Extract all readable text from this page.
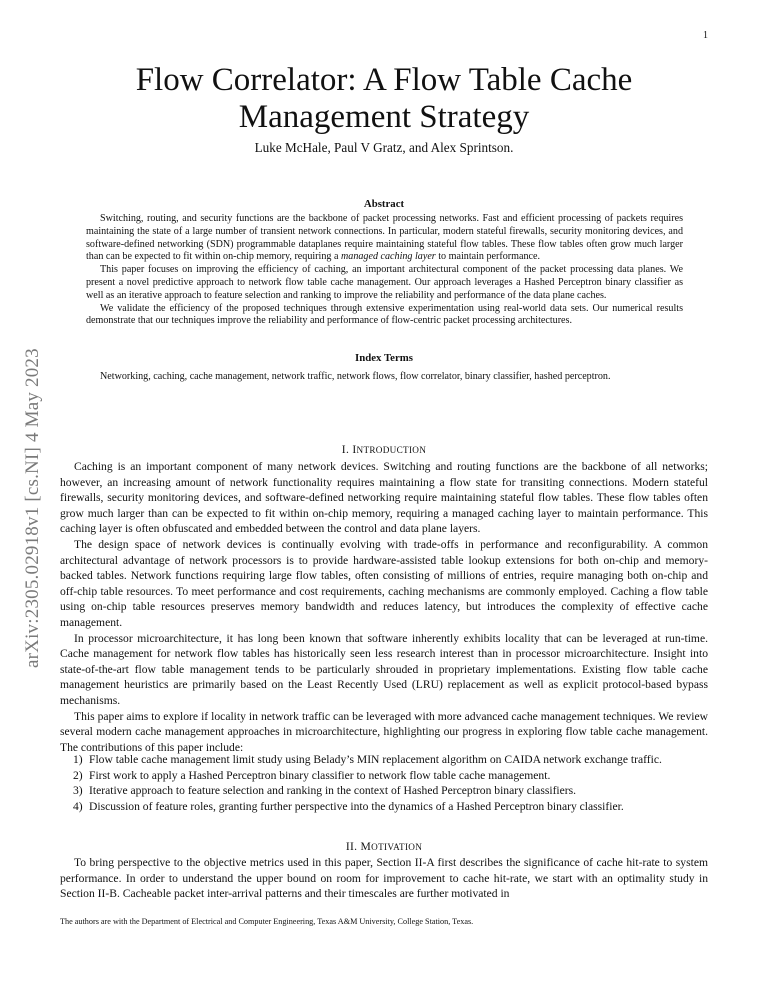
1
arXiv:2305.02918v1 [cs.NI] 4 May 2023
Flow Correlator: A Flow Table Cache Management Strategy
Luke McHale, Paul V Gratz, and Alex Sprintson.
Abstract

Switching, routing, and security functions are the backbone of packet processing networks. Fast and efficient processing of packets requires maintaining the state of a large number of transient network connections. In particular, modern stateful firewalls, security monitoring devices, and software-defined networking (SDN) programmable dataplanes require maintaining stateful flow tables. These flow tables often grow much larger than can be expected to fit within on-chip memory, requiring a managed caching layer to maintain performance.

This paper focuses on improving the efficiency of caching, an important architectural component of the packet processing data planes. We present a novel predictive approach to network flow table cache management. Our approach leverages a Hashed Perceptron binary classifier as well as an iterative approach to feature selection and ranking to improve the reliability and performance of the data plane caches.

We validate the efficiency of the proposed techniques through extensive experimentation using real-world data sets. Our numerical results demonstrate that our techniques improve the reliability and performance of flow-centric packet processing architectures.

Index Terms
Networking, caching, cache management, network traffic, network flows, flow correlator, binary classifier, hashed perceptron.
I. INTRODUCTION

Caching is an important component of many network devices. Switching and routing functions are the backbone of all networks; however, an increasing amount of network functionality requires maintaining a flow state for transiting connections. Modern stateful firewalls, security monitoring devices, and software-defined networking require maintaining stateful flow tables. These flow tables often grow much larger than can be expected to fit within on-chip memory, requiring a managed caching layer to maintain performance. This caching layer is often obfuscated and embedded between the control and data plane layers.

The design space of network devices is continually evolving with trade-offs in performance and reconfigurability. A common architectural advantage of network processors is to provide hardware-assisted table lookup extensions for both on-chip and memory-backed tables. Network functions requiring large flow tables, often consisting of millions of entries, require managing both on-chip and off-chip table resources. To meet performance and cost requirements, caching mechanisms are commonly employed. Caching a flow table using on-chip table resources preserves memory bandwidth and reduces latency, but introduces the complexity of effective cache management.

In processor microarchitecture, it has long been known that software inherently exhibits locality that can be leveraged at run-time. Cache management for network flow tables has historically seen less research interest than in processor microarchitecture. Insight into state-of-the-art flow table management tends to be particularly shrouded in proprietary implementations. Existing flow table cache management heuristics are primarily based on the Least Recently Used (LRU) replacement as well as explicit protocol-based bypass mechanisms.

This paper aims to explore if locality in network traffic can be leveraged with more advanced cache management techniques. We review several modern cache management approaches in microarchitecture, highlighting our progress in exploring flow table cache management. The contributions of this paper include:

1) Flow table cache management limit study using Belady’s MIN replacement algorithm on CAIDA network exchange traffic.
2) First work to apply a Hashed Perceptron binary classifier to network flow table cache management.
3) Iterative approach to feature selection and ranking in the context of Hashed Perceptron binary classifiers.
4) Discussion of feature roles, granting further perspective into the dynamics of a Hashed Perceptron binary classifier.
II. MOTIVATION

To bring perspective to the objective metrics used in this paper, Section II-A first describes the significance of cache hit-rate to system performance. In order to understand the upper bound on room for improvement to cache hit-rate, we start with an optimality study in Section II-B. Cacheable packet inter-arrival patterns and their timescales are further motivated in

The authors are with the Department of Electrical and Computer Engineering, Texas A&M University, College Station, Texas.
